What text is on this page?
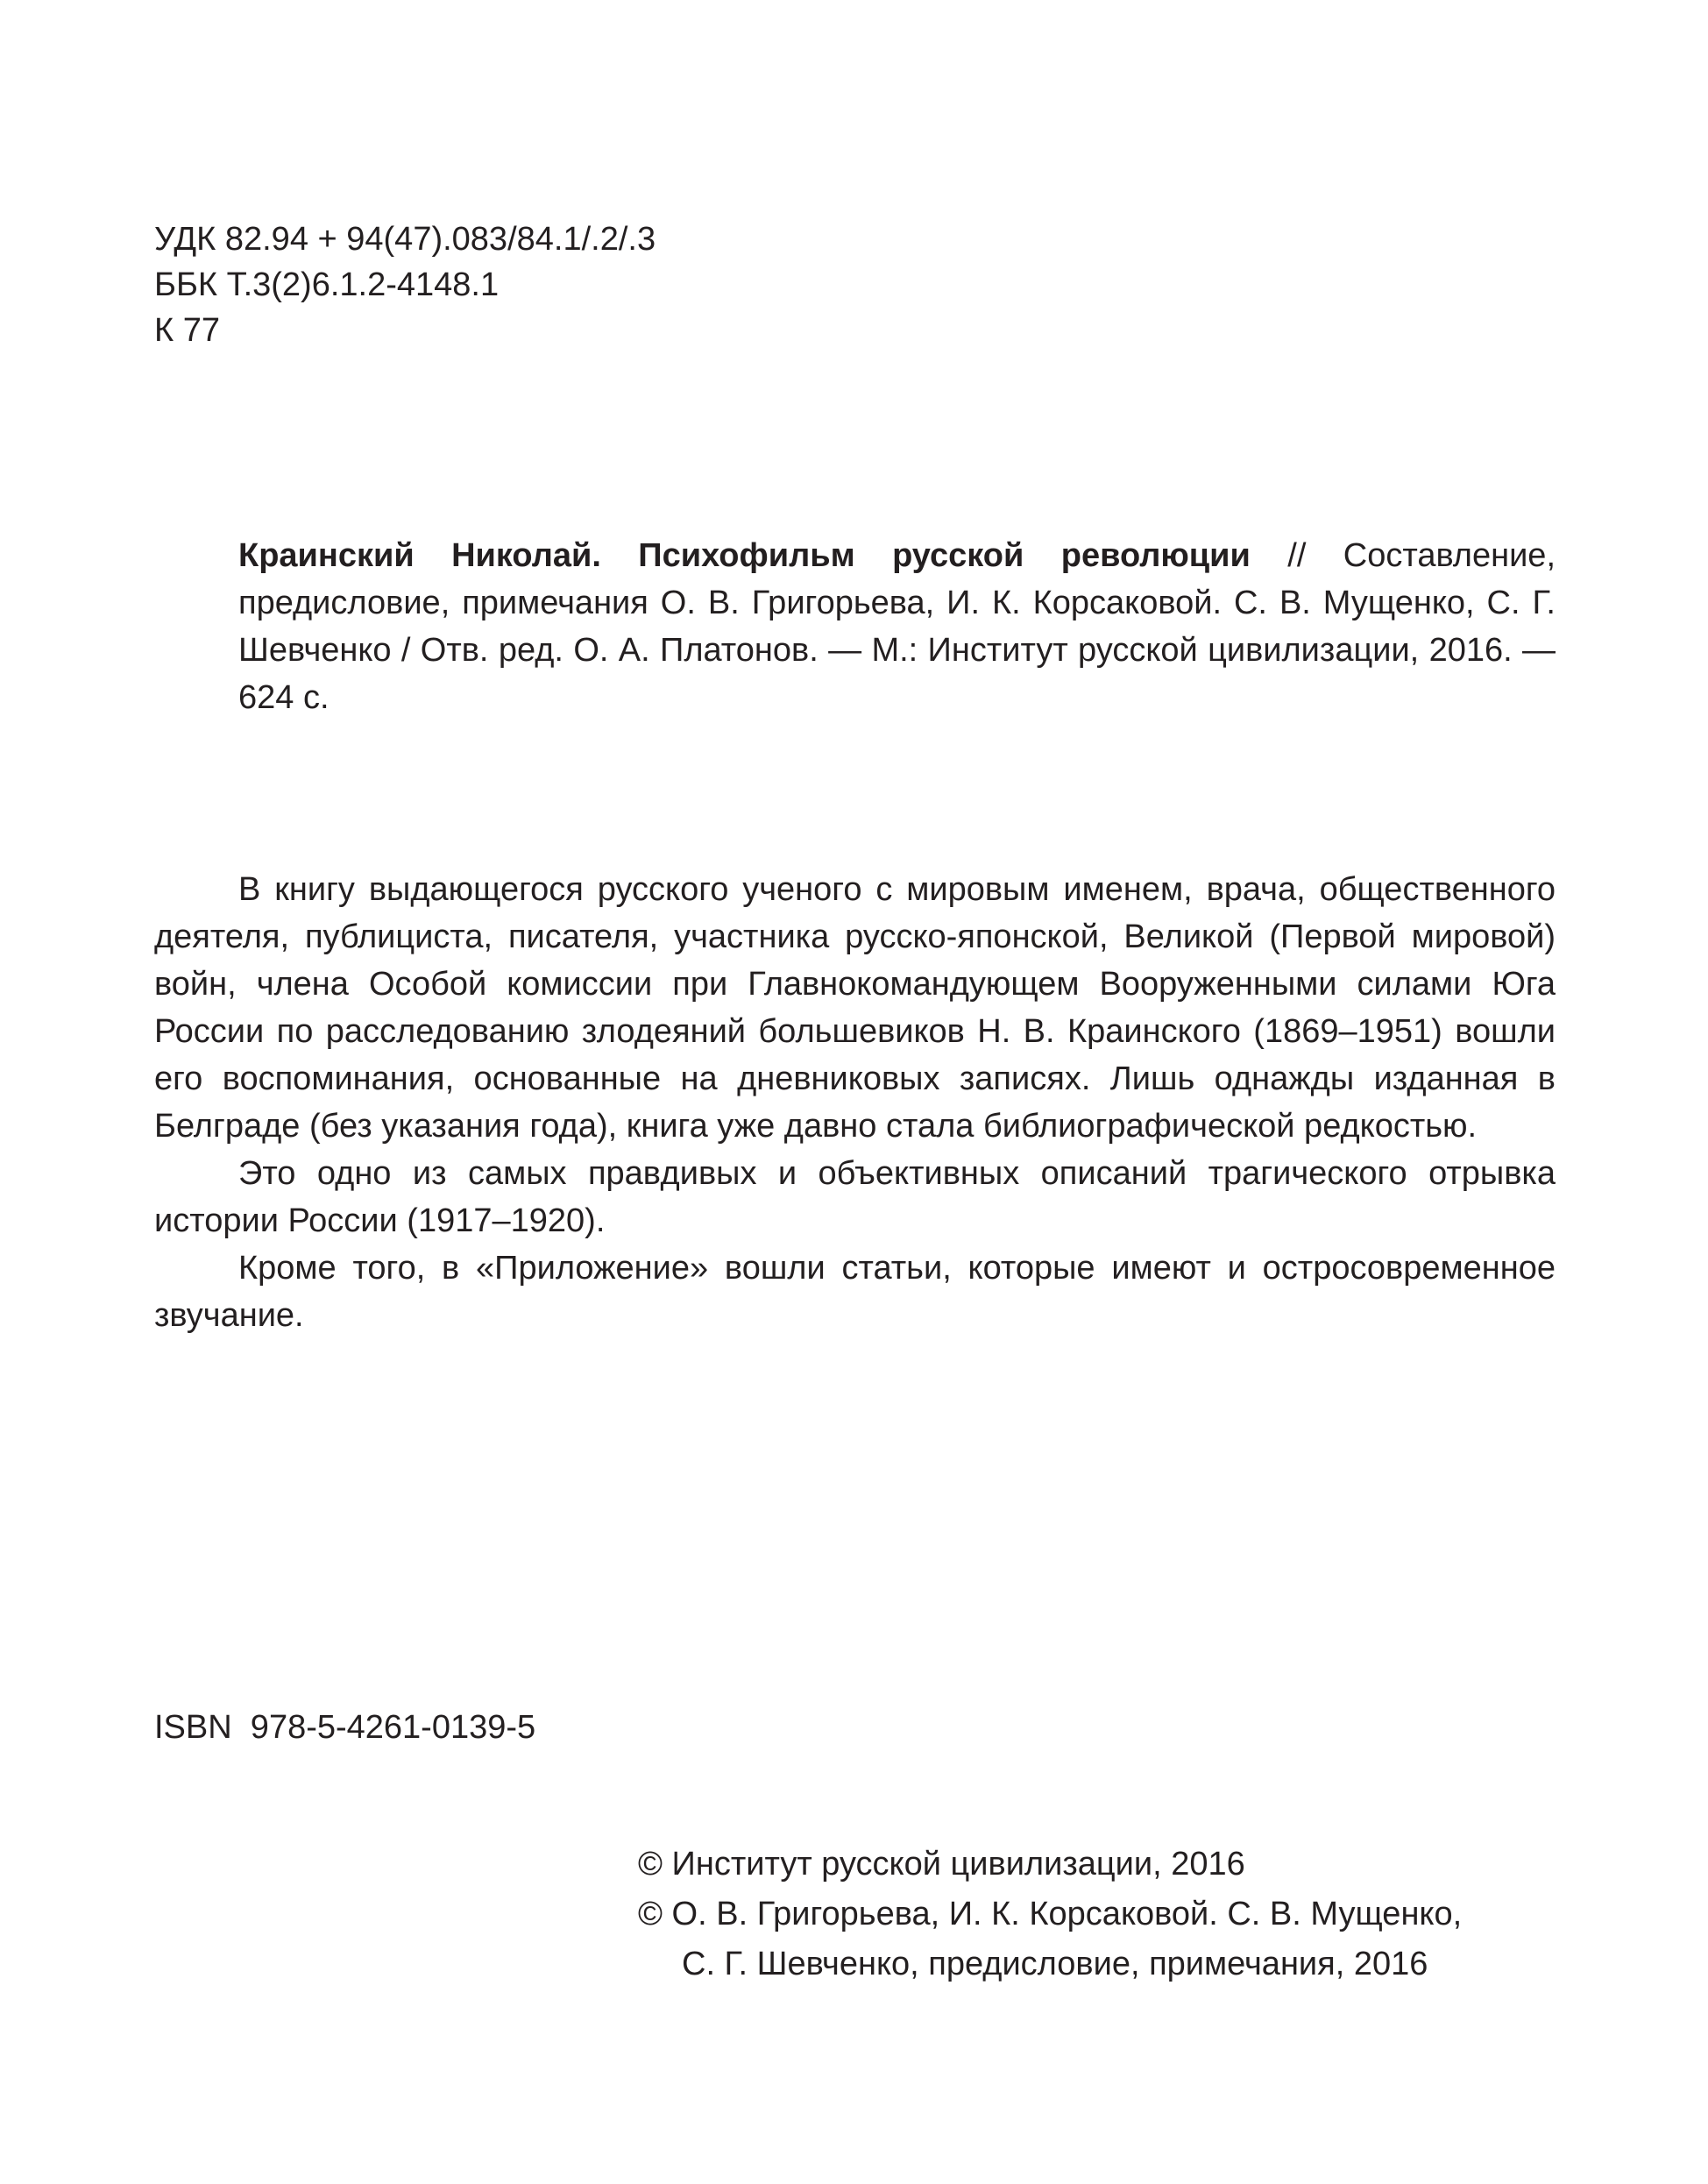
УДК 82.94 + 94(47).083/84.1/.2/.3
ББК Т.3(2)6.1.2-4148.1
К 77
Краинский Николай. Психофильм русской революции // Составление, предисловие, примечания О. В. Григорьева, И. К. Корсаковой. С. В. Мущенко, С. Г. Шевченко / Отв. ред. О. А. Платонов. — М.: Институт русской цивилизации, 2016. — 624 с.

В книгу выдающегося русского ученого с мировым именем, врача, общественного деятеля, публициста, писателя, участника русско-японской, Великой (Первой мировой) войн, члена Особой комиссии при Главнокомандующем Вооруженными силами Юга России по расследованию злодеяний большевиков Н. В. Краинского (1869–1951) вошли его воспоминания, основанные на дневниковых записях. Лишь однажды изданная в Белграде (без указания года), книга уже давно стала библиографической редкостью.

Это одно из самых правдивых и объективных описаний трагического отрывка истории России (1917–1920).

Кроме того, в «Приложение» вошли статьи, которые имеют и остросовременное звучание.

ISBN  978-5-4261-0139-5
© Институт русской цивилизации, 2016
© О. В. Григорьева, И. К. Корсаковой. С. В. Мущенко,
С. Г. Шевченко, предисловие, примечания, 2016
